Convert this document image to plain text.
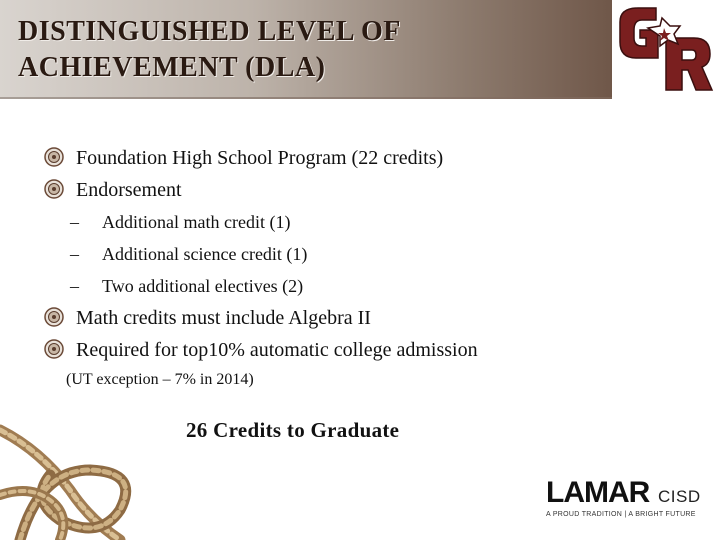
DISTINGUISHED LEVEL OF
ACHIEVEMENT (DLA)
Foundation High School Program (22 credits)
Endorsement
– Additional math credit (1)
– Additional science credit (1)
– Two additional electives (2)
Math credits must include Algebra II
Required for top10% automatic college admission
(UT exception – 7% in 2014)
26 Credits to Graduate
LAMAR CISD
A PROUD TRADITION | A BRIGHT FUTURE
